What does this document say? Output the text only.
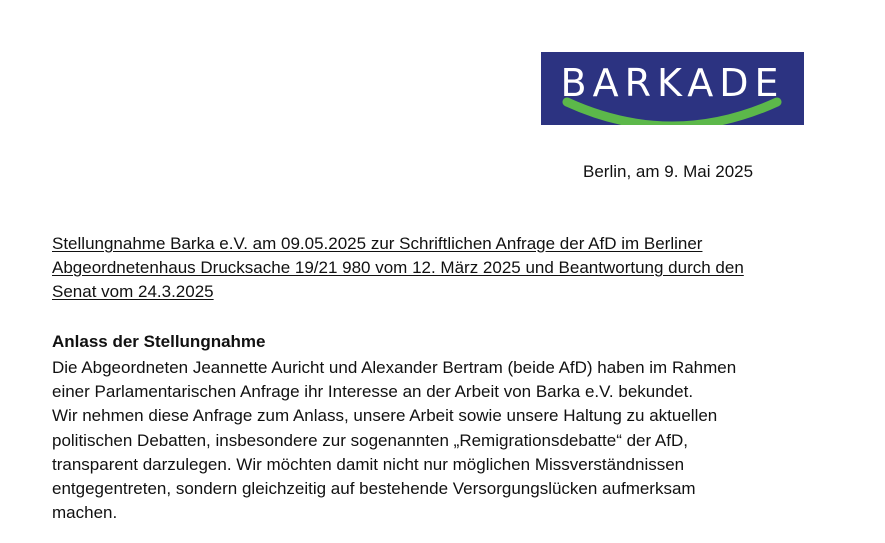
BARKADE
Berlin, am 9. Mai 2025
Stellungnahme Barka e.V. am 09.05.2025 zur Schriftlichen Anfrage der AfD im Berliner
Abgeordnetenhaus Drucksache 19/21 980 vom 12. März 2025 und Beantwortung durch den
Senat vom 24.3.2025
Anlass der Stellungnahme
Die Abgeordneten Jeannette Auricht und Alexander Bertram (beide AfD) haben im Rahmen
einer Parlamentarischen Anfrage ihr Interesse an der Arbeit von Barka e.V. bekundet.
Wir nehmen diese Anfrage zum Anlass, unsere Arbeit sowie unsere Haltung zu aktuellen
politischen Debatten, insbesondere zur sogenannten „Remigrationsdebatte“ der AfD,
transparent darzulegen. Wir möchten damit nicht nur möglichen Missverständnissen
entgegentreten, sondern gleichzeitig auf bestehende Versorgungslücken aufmerksam
machen.
